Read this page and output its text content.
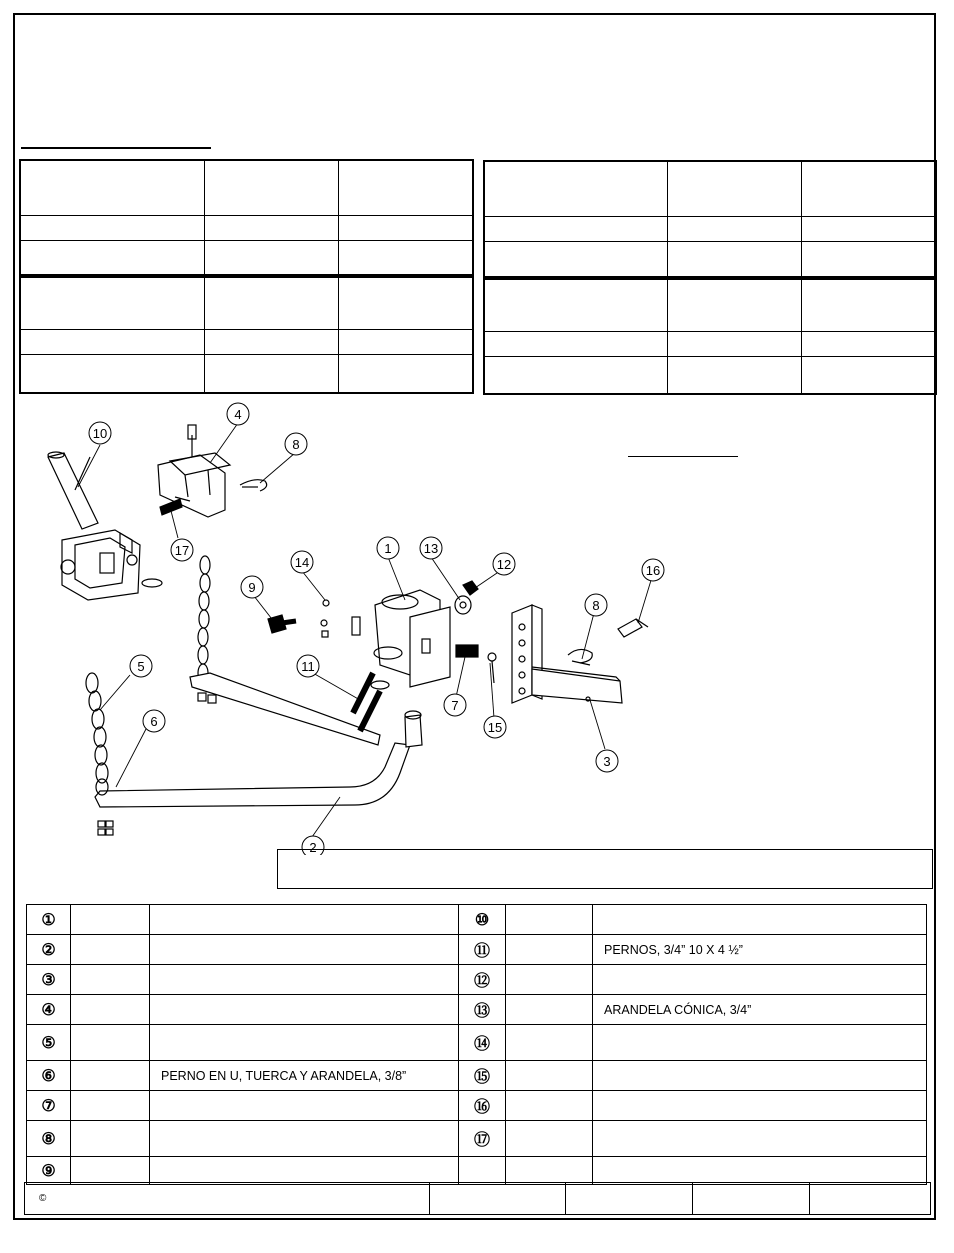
10
4
8
17	1 13
12
14
16
9
8
5	11
7
6	15
3
2
①			⑩		
②			⑪		PERNOS, 3/4” 10 X 4 ½”
③			⑫		
④			⑬		ARANDELA CÓNICA, 3/4”
⑤			⑭		
⑥		PERNO EN U, TUERCA Y ARANDELA, 3/8”	⑮		
⑦			⑯		
⑧			⑰		
⑨					
©				
